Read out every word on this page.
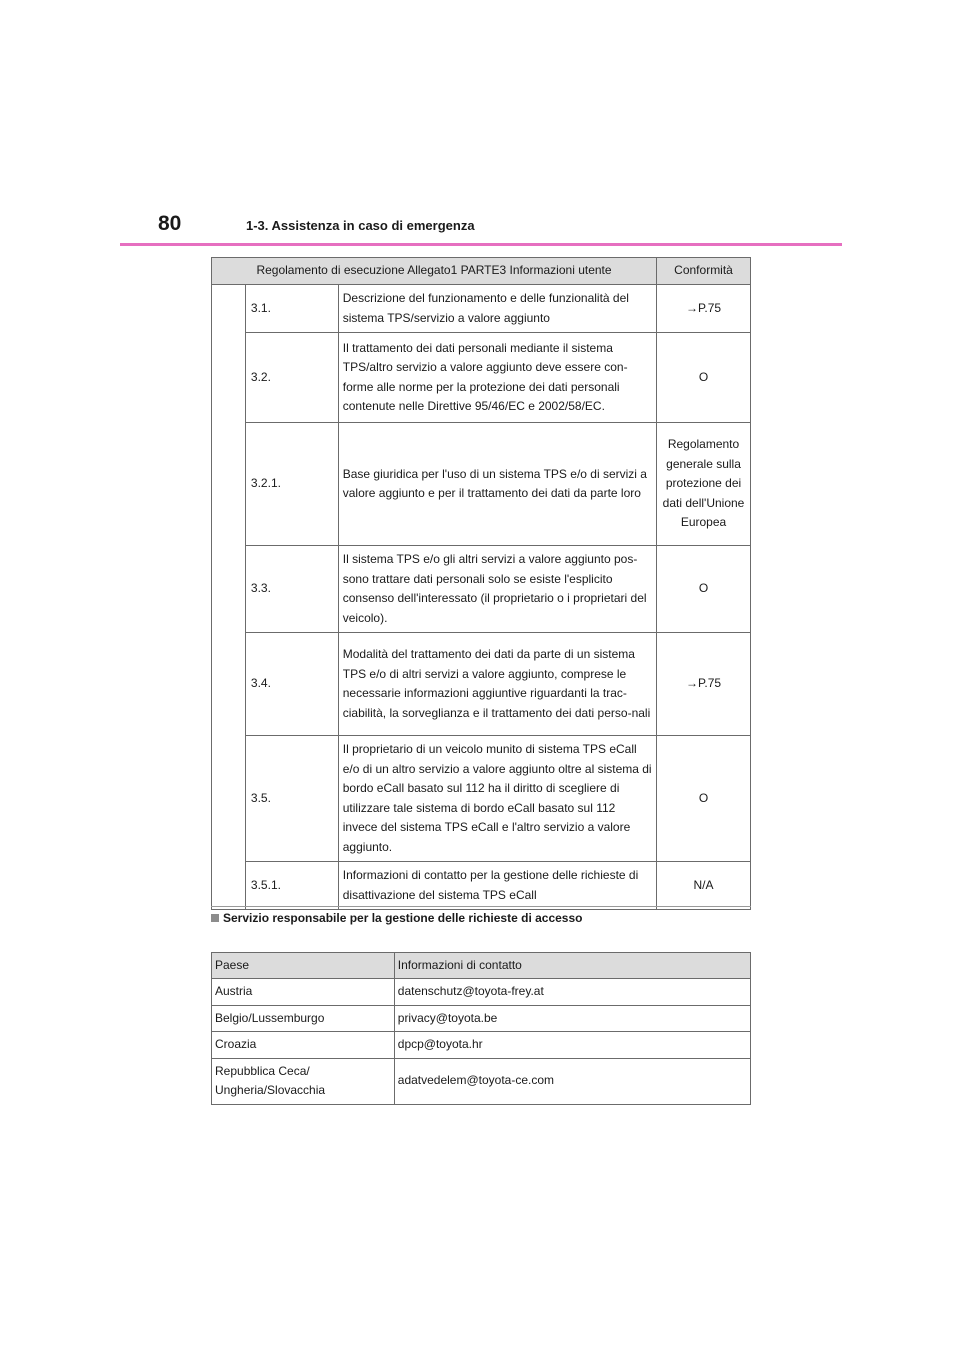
80	1-3. Assistenza in caso di emergenza
Regolamento di esecuzione Allegato1 PARTE3 Informazioni utente			Conformità
	3.1.	Descrizione del funzionamento e delle funzionalità del sistema TPS/servizio a valore aggiunto	→P.75
	3.2.	Il trattamento dei dati personali mediante il sistema TPS/altro servizio a valore aggiunto deve essere con-forme alle norme per la protezione dei dati personali contenute nelle Direttive 95/46/EC e 2002/58/EC.	O
	3.2.1.	Base giuridica per l'uso di un sistema TPS e/o di servizi a valore aggiunto e per il trattamento dei dati da parte loro	Regolamento generale sulla protezione dei dati dell'Unione Europea
	3.3.	Il sistema TPS e/o gli altri servizi a valore aggiunto pos-sono trattare dati personali solo se esiste l'esplicito consenso dell'interessato (il proprietario o i proprietari del veicolo).	O
	3.4.	Modalità del trattamento dei dati da parte di un sistema TPS e/o di altri servizi a valore aggiunto, comprese le necessarie informazioni aggiuntive riguardanti la trac-ciabilità, la sorveglianza e il trattamento dei dati perso-nali	→P.75
	3.5.	Il proprietario di un veicolo munito di sistema TPS eCall e/o di un altro servizio a valore aggiunto oltre al sistema di bordo eCall basato sul 112 ha il diritto di scegliere di utilizzare tale sistema di bordo eCall basato sul 112 invece del sistema TPS eCall e l'altro servizio a valore aggiunto.	O
	3.5.1.	Informazioni di contatto per la gestione delle richieste di disattivazione del sistema TPS eCall	N/A
Servizio responsabile per la gestione delle richieste di accesso
Paese	Informazioni di contatto
Austria	datenschutz@toyota-frey.at
Belgio/Lussemburgo	privacy@toyota.be
Croazia	dpcp@toyota.hr
Repubblica Ceca/ Ungheria/Slovacchia	adatvedelem@toyota-ce.com
